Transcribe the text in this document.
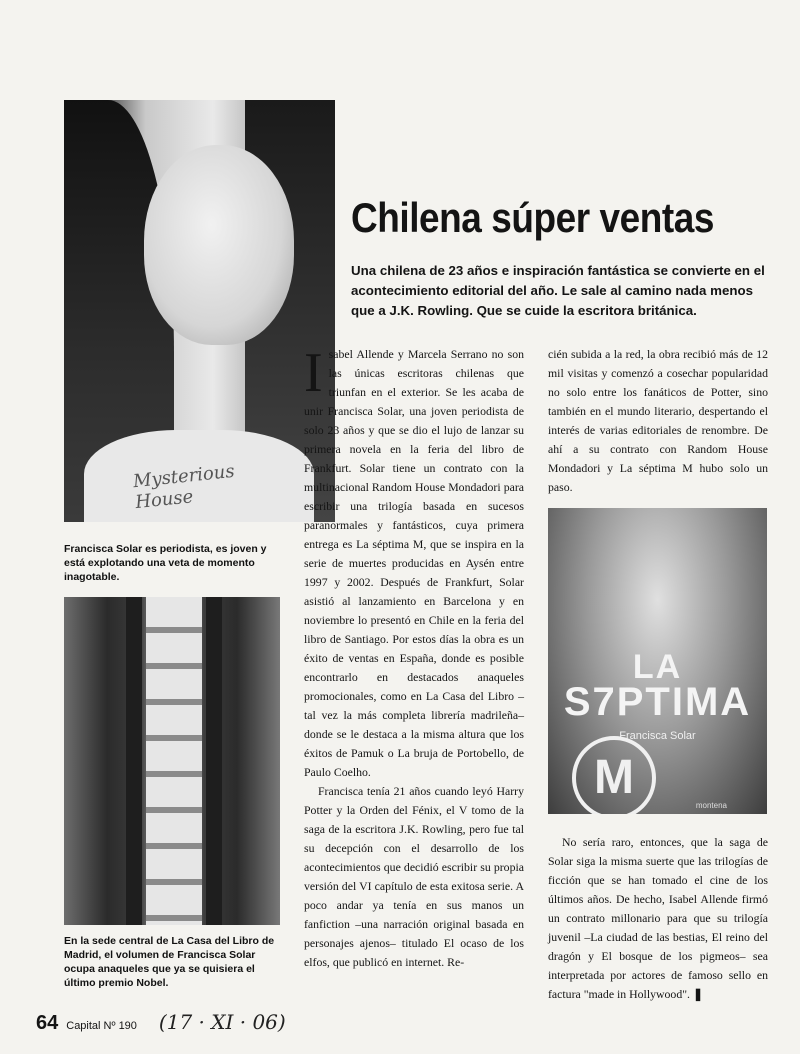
Mysterious House
Francisca Solar es periodista, es joven y está explotando una veta de momento inagotable.
En la sede central de La Casa del Libro de Madrid, el volumen de Francisca Solar ocupa anaqueles que ya se quisiera el último premio Nobel.
Chilena súper ventas
Una chilena de 23 años e inspiración fantástica se convierte en el acontecimiento editorial del año. Le sale al camino nada menos que a J.K. Rowling. Que se cuide la escritora británica.

Isabel Allende y Marcela Serrano no son las únicas escritoras chilenas que triunfan en el exterior. Se les acaba de unir Francisca Solar, una joven periodista de solo 23 años y que se dio el lujo de lanzar su primera novela en la feria del libro de Frankfurt. Solar tiene un contrato con la multinacional Random House Mondadori para escribir una trilogía basada en sucesos paranormales y fantásticos, cuya primera entrega es La séptima M, que se inspira en la serie de muertes producidas en Aysén entre 1997 y 2002. Después de Frankfurt, Solar asistió al lanzamiento en Barcelona y en noviembre lo presentó en Chile en la feria del libro de Santiago. Por estos días la obra es un éxito de ventas en España, donde es posible encontrarlo en destacados anaqueles promocionales, como en La Casa del Libro –tal vez la más completa librería madrileña– donde se le destaca a la misma altura que los éxitos de Pamuk o La bruja de Portobello, de Paulo Coelho.

Francisca tenía 21 años cuando leyó Harry Potter y la Orden del Fénix, el V tomo de la saga de la escritora J.K. Rowling, pero fue tal su decepción con el desarrollo de los acontecimientos que decidió escribir su propia versión del VI capítulo de esta exitosa serie. A poco andar ya tenía en sus manos un fanfiction –una narración original basada en personajes ajenos– titulado El ocaso de los elfos, que publicó en internet. Re-

cién subida a la red, la obra recibió más de 12 mil visitas y comenzó a cosechar popularidad no solo entre los fanáticos de Potter, sino también en el mundo literario, despertando el interés de varias editoriales de renombre. De ahí a su contrato con Random House Mondadori y La séptima M hubo solo un paso.

LA
S7PTIMA
Francisca Solar
M
montena

No sería raro, entonces, que la saga de Solar siga la misma suerte que las trilogías de ficción que se han tomado el cine de los últimos años. De hecho, Isabel Allende firmó un contrato millonario para que su trilogía juvenil –La ciudad de las bestias, El reino del dragón y El bosque de los pigmeos– sea interpretada por actores de famoso sello en factura "made in Hollywood". ❚

64 Capital Nº 190 (17 · XI · 06)
